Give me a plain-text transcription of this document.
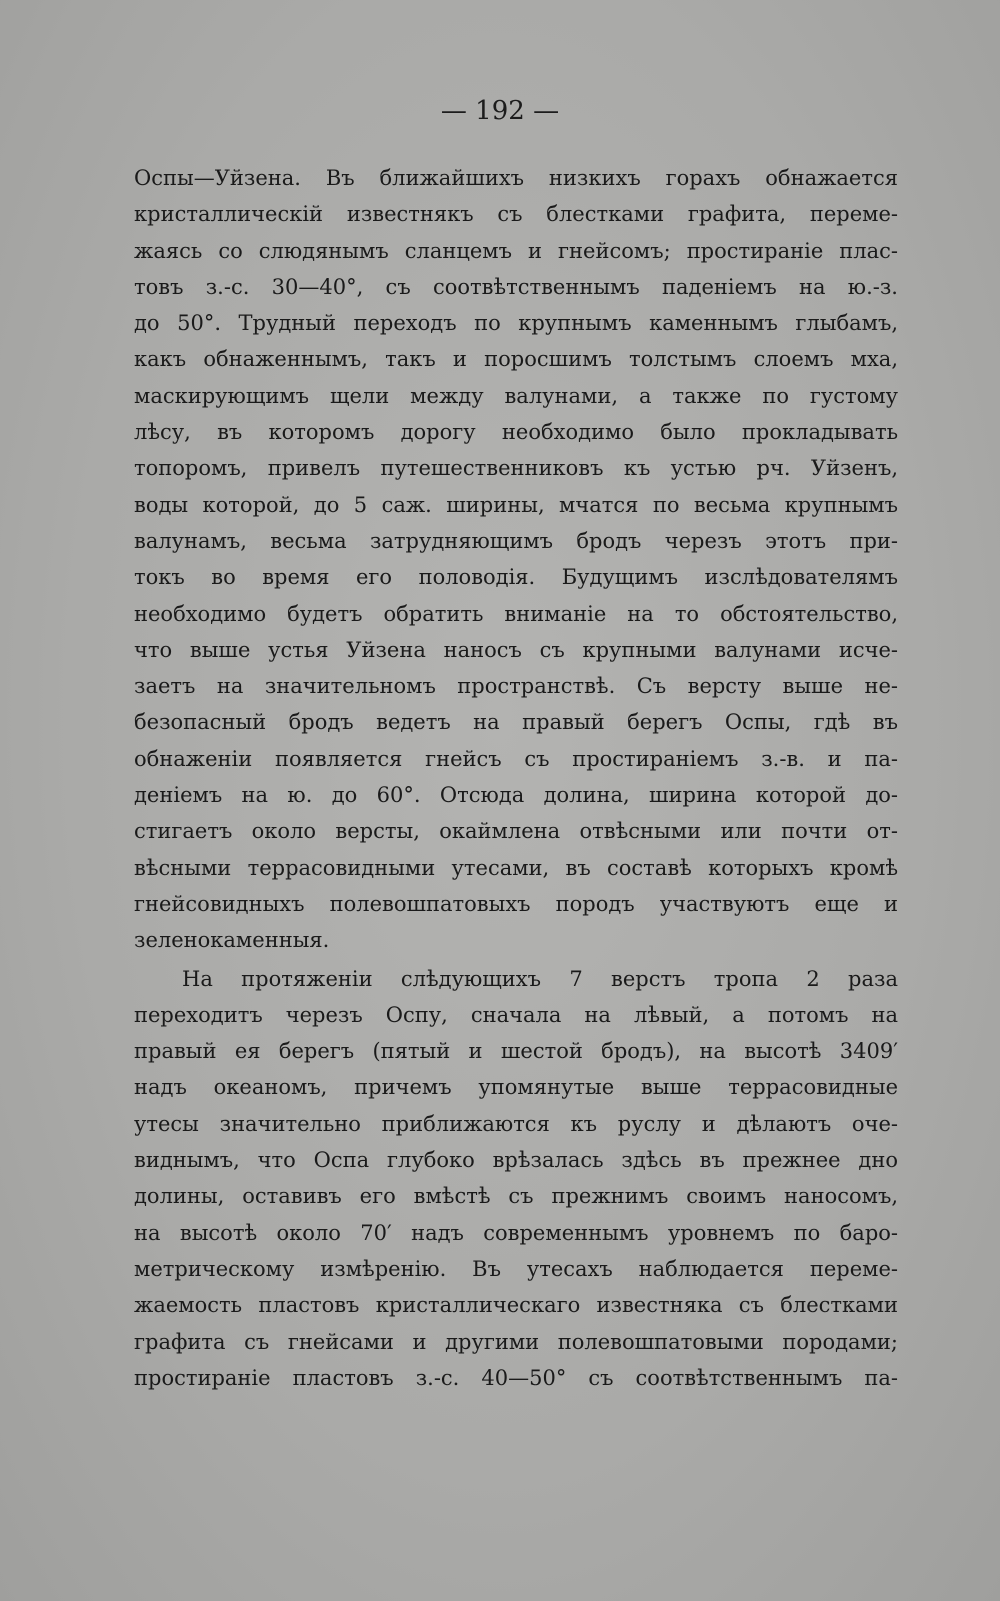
— 192 —
Оспы—Уйзена. Въ ближайшихъ низкихъ горахъ обнажается
кристаллическій известнякъ съ блестками графита, переме-
жаясь со слюдянымъ сланцемъ и гнейсомъ; простираніе плас-
товъ з.-с. 30—40°, съ соотвѣтственнымъ паденіемъ на ю.-з.
до 50°. Трудный переходъ по крупнымъ каменнымъ глыбамъ,
какъ обнаженнымъ, такъ и поросшимъ толстымъ слоемъ мха,
маскирующимъ щели между валунами, а также по густому
лѣсу, въ которомъ дорогу необходимо было прокладывать
топоромъ, привелъ путешественниковъ къ устью рч. Уйзенъ,
воды которой, до 5 саж. ширины, мчатся по весьма крупнымъ
валунамъ, весьма затрудняющимъ бродъ черезъ этотъ при-
токъ во время его половодія. Будущимъ изслѣдователямъ
необходимо будетъ обратить вниманіе на то обстоятельство,
что выше устья Уйзена наносъ съ крупными валунами исче-
заетъ на значительномъ пространствѣ. Съ версту выше не-
безопасный бродъ ведетъ на правый берегъ Оспы, гдѣ въ
обнаженіи появляется гнейсъ съ простираніемъ з.-в. и па-
деніемъ на ю. до 60°. Отсюда долина, ширина которой до-
стигаетъ около версты, окаймлена отвѣсными или почти от-
вѣсными террасовидными утесами, въ составѣ которыхъ кромѣ
гнейсовидныхъ полевошпатовыхъ породъ участвуютъ еще и
зеленокаменныя.
На протяженіи слѣдующихъ 7 верстъ тропа 2 раза
переходитъ черезъ Оспу, сначала на лѣвый, а потомъ на
правый ея берегъ (пятый и шестой бродъ), на высотѣ 3409′
надъ океаномъ, причемъ упомянутые выше террасовидные
утесы значительно приближаются къ руслу и дѣлаютъ оче-
виднымъ, что Оспа глубоко врѣзалась здѣсь въ прежнее дно
долины, оставивъ его вмѣстѣ съ прежнимъ своимъ наносомъ,
на высотѣ около 70′ надъ современнымъ уровнемъ по баро-
метрическому измѣренію. Въ утесахъ наблюдается переме-
жаемость пластовъ кристаллическаго известняка съ блестками
графита съ гнейсами и другими полевошпатовыми породами;
простираніе пластовъ з.-с. 40—50° съ соотвѣтственнымъ па-
